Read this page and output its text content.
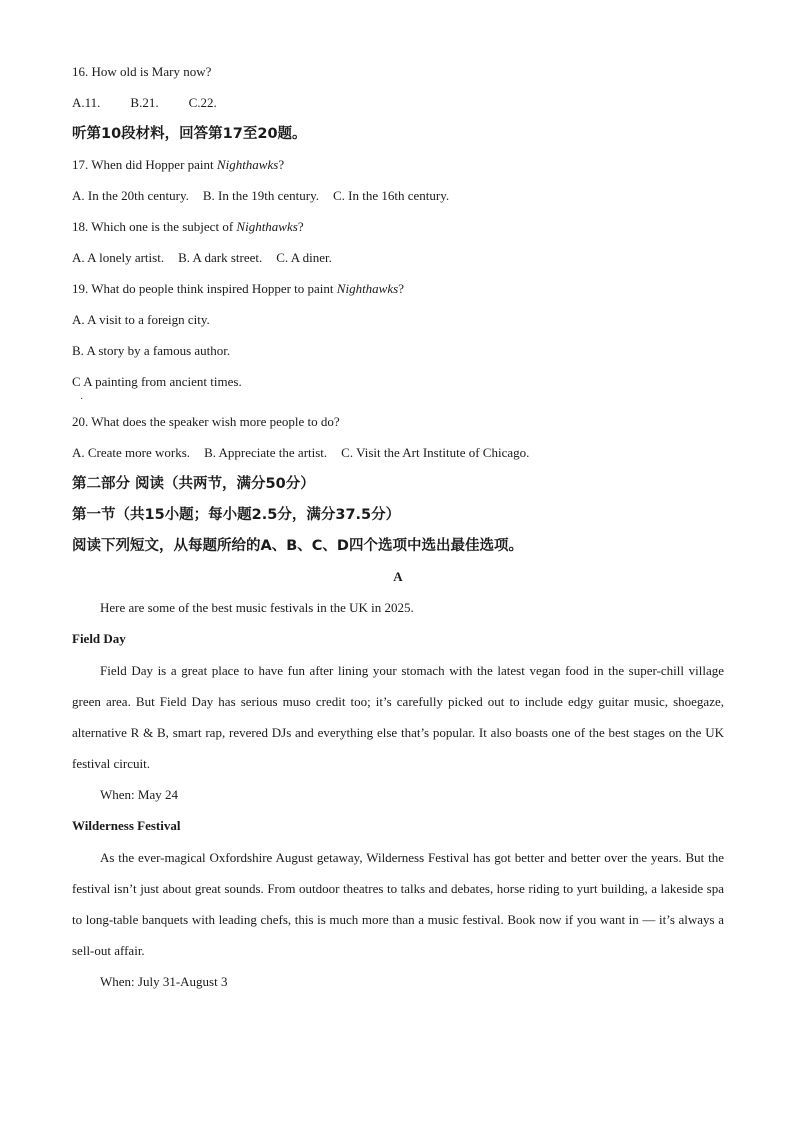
16. How old is Mary now?

A.11. B.21. C.22.

听第10段材料，回答第17至20题。

17. When did Hopper paint Nighthawks?

A. In the 20th century. B. In the 19th century. C. In the 16th century.

18. Which one is the subject of Nighthawks?

A. A lonely artist. B. A dark street. C. A diner.

19. What do people think inspired Hopper to paint Nighthawks?

A. A visit to a foreign city.

B. A story by a famous author.

C A painting from ancient times.

·

20. What does the speaker wish more people to do?

A. Create more works. B. Appreciate the artist. C. Visit the Art Institute of Chicago.

第二部分 阅读（共两节，满分50分）

第一节（共15小题；每小题2.5分，满分37.5分）

阅读下列短文，从每题所给的A、B、C、D四个选项中选出最佳选项。

A

Here are some of the best music festivals in the UK in 2025.

Field Day

Field Day is a great place to have fun after lining your stomach with the latest vegan food in the super-chill village green area. But Field Day has serious muso credit too; it’s carefully picked out to include edgy guitar music, shoegaze, alternative R & B, smart rap, revered DJs and everything else that’s popular. It also boasts one of the best stages on the UK festival circuit.

When: May 24

Wilderness Festival

As the ever-magical Oxfordshire August getaway, Wilderness Festival has got better and better over the years. But the festival isn’t just about great sounds. From outdoor theatres to talks and debates, horse riding to yurt building, a lakeside spa to long-table banquets with leading chefs, this is much more than a music festival. Book now if you want in — it’s always a sell-out affair.

When: July 31-August 3
